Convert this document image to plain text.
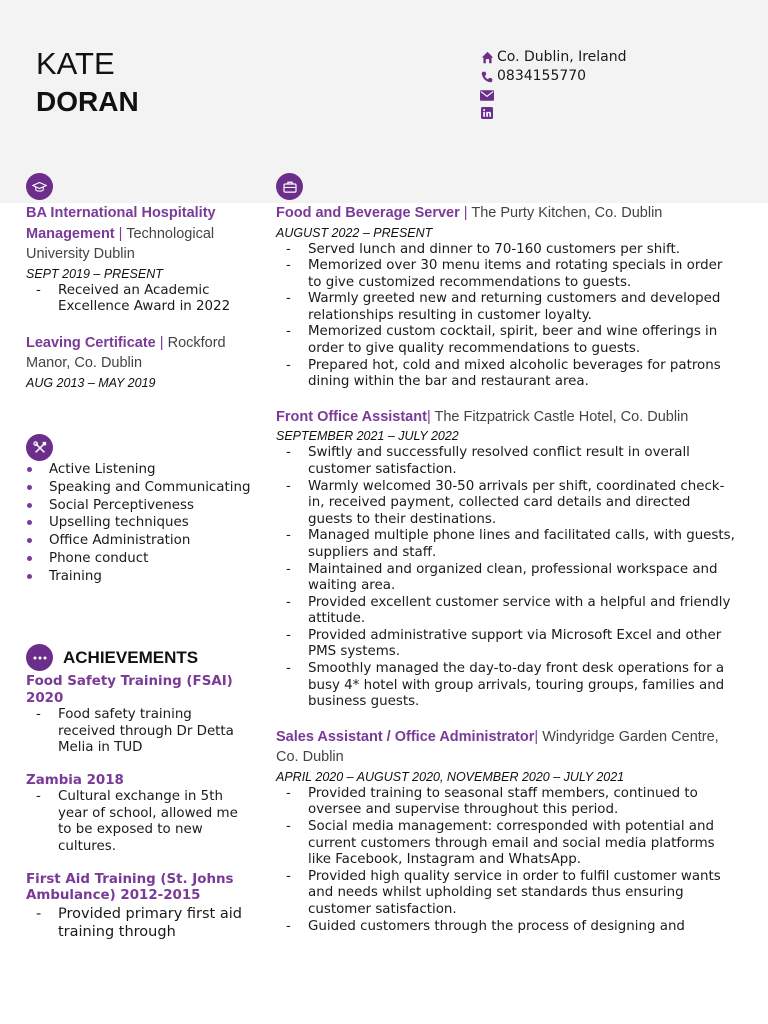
KATE
DORAN
Co. Dublin, Ireland
0834155770
BA International Hospitality Management | Technological University Dublin
SEPT 2019 – PRESENT
- Received an Academic Excellence Award in 2022
Leaving Certificate | Rockford Manor, Co. Dublin
AUG 2013 – MAY 2019
Active Listening
Speaking and Communicating
Social Perceptiveness
Upselling techniques
Office Administration
Phone conduct
Training
ACHIEVEMENTS
Food Safety Training (FSAI) 2020
- Food safety training received through Dr Detta Melia in TUD
Zambia 2018
- Cultural exchange in 5th year of school, allowed me to be exposed to new cultures.
First Aid Training (St. Johns Ambulance) 2012-2015
- Provided primary first aid training through
Food and Beverage Server | The Purty Kitchen, Co. Dublin
AUGUST 2022 – PRESENT
- Served lunch and dinner to 70-160 customers per shift.
- Memorized over 30 menu items and rotating specials in order to give customized recommendations to guests.
- Warmly greeted new and returning customers and developed relationships resulting in customer loyalty.
- Memorized custom cocktail, spirit, beer and wine offerings in order to give quality recommendations to guests.
- Prepared hot, cold and mixed alcoholic beverages for patrons dining within the bar and restaurant area.
Front Office Assistant| The Fitzpatrick Castle Hotel, Co. Dublin
SEPTEMBER 2021 – JULY 2022
- Swiftly and successfully resolved conflict result in overall customer satisfaction.
- Warmly welcomed 30-50 arrivals per shift, coordinated check-in, received payment, collected card details and directed guests to their destinations.
- Managed multiple phone lines and facilitated calls, with guests, suppliers and staff.
- Maintained and organized clean, professional workspace and waiting area.
- Provided excellent customer service with a helpful and friendly attitude.
- Provided administrative support via Microsoft Excel and other PMS systems.
- Smoothly managed the day-to-day front desk operations for a busy 4* hotel with group arrivals, touring groups, families and business guests.
Sales Assistant / Office Administrator| Windyridge Garden Centre, Co. Dublin
APRIL 2020 – AUGUST 2020, NOVEMBER 2020 – JULY 2021
- Provided training to seasonal staff members, continued to oversee and supervise throughout this period.
- Social media management: corresponded with potential and current customers through email and social media platforms like Facebook, Instagram and WhatsApp.
- Provided high quality service in order to fulfil customer wants and needs whilst upholding set standards thus ensuring customer satisfaction.
- Guided customers through the process of designing and
